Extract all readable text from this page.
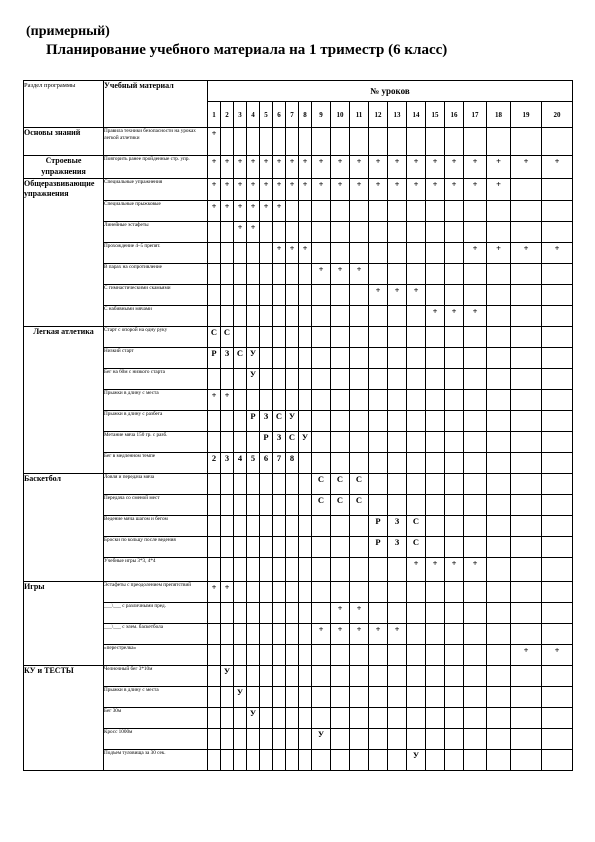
(примерный)
Планирование учебного материала на 1 триместр (6 класс)
Раздел программы	Учебный материал	№ уроков																			
		1	2	3	4	5	6	7	8	9	10	11	12	13	14	15	16	17	18	19	20
Основы знаний	Правила техники безопасности на уроках легкой атлетики	+																			
Строевые упражнения	Повторить ранее пройденные стр. упр.	+	+	+	+	+	+	+	+	+	+	+	+	+	+	+	+	+	+	+	+
Общеразвивающие упражнения	Специальные упражнения	+	+	+	+	+	+	+	+	+	+	+	+	+	+	+	+	+	+		
	Специальные прыжковые	+	+	+	+	+	+														
	Линейные эстафеты			+	+																
	Прохождение 4–5 препят.						+	+	+									+	+	+	+
	В парах на сопротивление									+	+	+									
	С гимнастическими скамьями												+	+	+						
	С набивными мячами															+	+	+			
Легкая атлетика	Старт с опорой на одну руку	С	С																		
	Низкий старт	Р	З	С	У																
	Бег на 60м с низкого старта				У																
	Прыжки в длину с места	+	+																		
	Прыжки в длину с разбега				Р	З	С	У													
	Метание мяча 150 гр. с разб.					Р	З	С	У												
	Бег в медленном темпе	2	3	4	5	6	7	8													
Баскетбол	Ловля и передача мяча									С	С	С									
	Передача со сменой мест									С	С	С									
	Ведение мяча шагом и бегом												Р	З	С						
	Броски по кольцу после ведения												Р	З	С						
	Учебные игры 3*3, 4*4														+	+	+	+			
Игры	Эстафеты с преодолением препятствий	+	+																		
	___\___ с различными пред.										+	+									
	___\___ с элем. баскетбола									+	+	+	+	+							
	«перестрелка»																			+	+
КУ и ТЕСТЫ	Челночный бег 3*10м		У																		
	Прыжки в длину с места			У																	
	Бег 30м				У																
	Кросс 1000м									У											
	Подъем туловища за 30 сек.														У						
